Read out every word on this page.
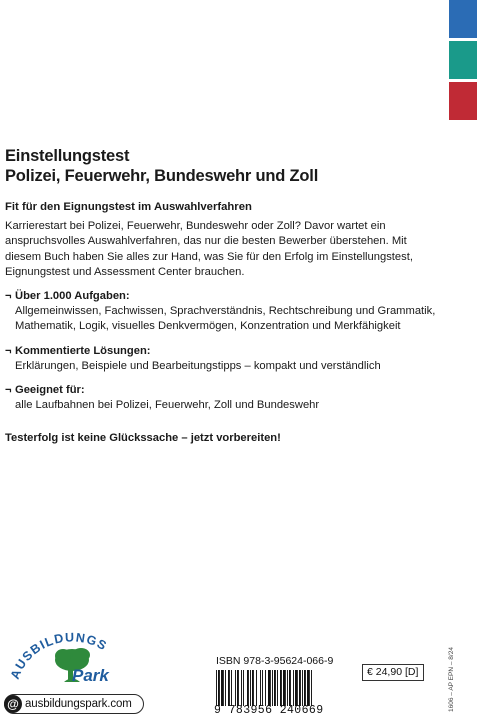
Einstellungstest
Polizei, Feuerwehr, Bundeswehr und Zoll
Fit für den Eignungstest im Auswahlverfahren

Karrierestart bei Polizei, Feuerwehr, Bundeswehr oder Zoll? Davor wartet ein anspruchsvolles Auswahlverfahren, das nur die besten Bewerber überstehen. Mit diesem Buch haben Sie alles zur Hand, was Sie für den Erfolg im Einstellungstest, Eignungstest und Assessment Center brauchen.

¬ Über 1.000 Aufgaben:
Allgemeinwissen, Fachwissen, Sprachverständnis, Rechtschreibung und Grammatik, Mathematik, Logik, visuelles Denkvermögen, Konzentration und Merkfähigkeit
¬ Kommentierte Lösungen:
Erklärungen, Beispiele und Bearbeitungstipps – kompakt und verständlich
¬ Geeignet für:
alle Laufbahnen bei Polizei, Feuerwehr, Zoll und Bundeswehr
Testerfolg ist keine Glückssache – jetzt vorbereiten!
AUSBILDUNGS
Park
@ ausbildungspark.com
ISBN 978-3-95624-066-9
9 783956 240669
€ 24,90 [D]	1606 – AP EPN – 8/24
